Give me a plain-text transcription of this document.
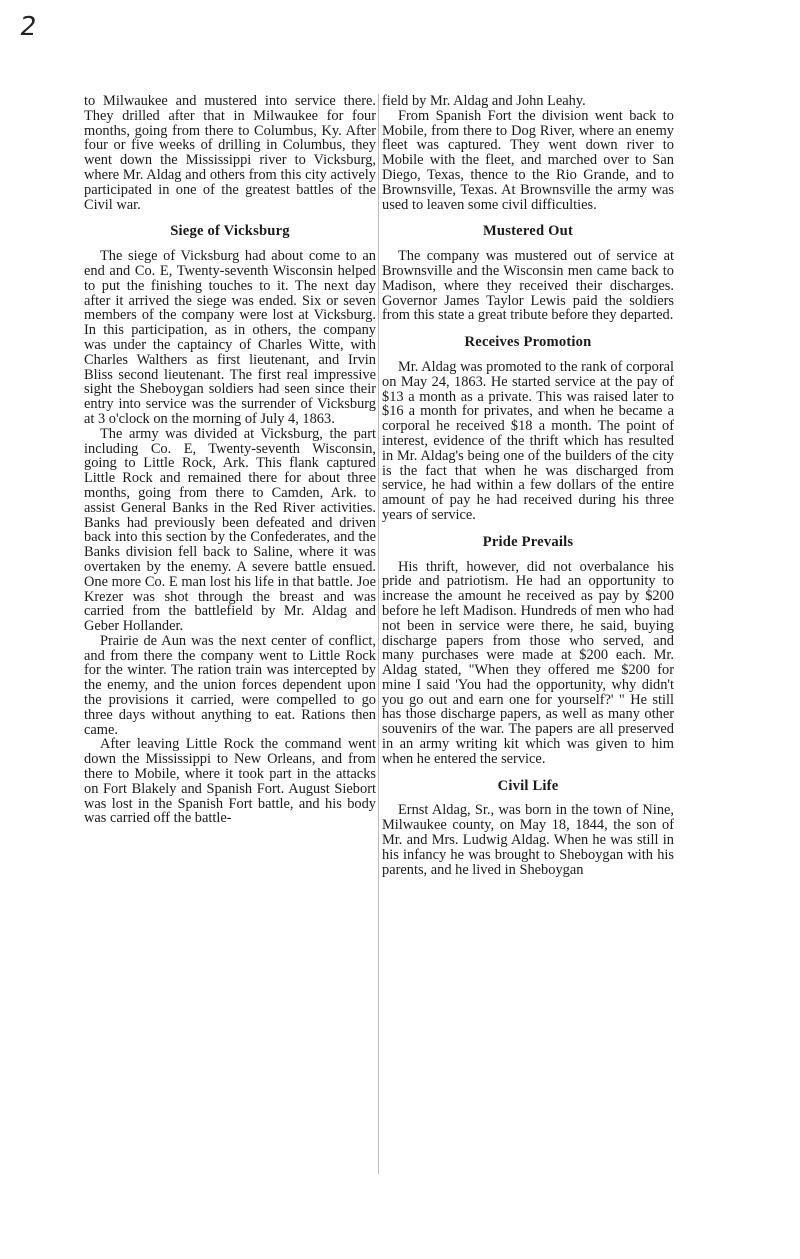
2

to Milwaukee and mustered into service there. They drilled after that in Milwaukee for four months, going from there to Columbus, Ky. After four or five weeks of drilling in Columbus, they went down the Mississippi river to Vicksburg, where Mr. Aldag and others from this city actively participated in one of the greatest battles of the Civil war.

Siege of Vicksburg

The siege of Vicksburg had about come to an end and Co. E, Twenty-seventh Wisconsin helped to put the finishing touches to it. The next day after it arrived the siege was ended. Six or seven members of the company were lost at Vicksburg. In this participation, as in others, the company was under the captaincy of Charles Witte, with Charles Walthers as first lieutenant, and Irvin Bliss second lieutenant. The first real impressive sight the Sheboygan soldiers had seen since their entry into service was the surrender of Vicksburg at 3 o'clock on the morning of July 4, 1863.

The army was divided at Vicksburg, the part including Co. E, Twenty-seventh Wisconsin, going to Little Rock, Ark. This flank captured Little Rock and remained there for about three months, going from there to Camden, Ark. to assist General Banks in the Red River activities. Banks had previously been defeated and driven back into this section by the Confederates, and the Banks division fell back to Saline, where it was overtaken by the enemy. A severe battle ensued. One more Co. E man lost his life in that battle. Joe Krezer was shot through the breast and was carried from the battlefield by Mr. Aldag and Geber Hollander.

Prairie de Aun was the next center of conflict, and from there the company went to Little Rock for the winter. The ration train was intercepted by the enemy, and the union forces dependent upon the provisions it carried, were compelled to go three days without anything to eat. Rations then came.

After leaving Little Rock the command went down the Mississippi to New Orleans, and from there to Mobile, where it took part in the attacks on Fort Blakely and Spanish Fort. August Siebort was lost in the Spanish Fort battle, and his body was carried off the battle-

field by Mr. Aldag and John Leahy.

From Spanish Fort the division went back to Mobile, from there to Dog River, where an enemy fleet was captured. They went down river to Mobile with the fleet, and marched over to San Diego, Texas, thence to the Rio Grande, and to Brownsville, Texas. At Brownsville the army was used to leaven some civil difficulties.

Mustered Out

The company was mustered out of service at Brownsville and the Wisconsin men came back to Madison, where they received their discharges. Governor James Taylor Lewis paid the soldiers from this state a great tribute before they departed.

Receives Promotion

Mr. Aldag was promoted to the rank of corporal on May 24, 1863. He started service at the pay of $13 a month as a private. This was raised later to $16 a month for privates, and when he became a corporal he received $18 a month. The point of interest, evidence of the thrift which has resulted in Mr. Aldag's being one of the builders of the city is the fact that when he was discharged from service, he had within a few dollars of the entire amount of pay he had received during his three years of service.

Pride Prevails

His thrift, however, did not overbalance his pride and patriotism. He had an opportunity to increase the amount he received as pay by $200 before he left Madison. Hundreds of men who had not been in service were there, he said, buying discharge papers from those who served, and many purchases were made at $200 each. Mr. Aldag stated, "When they offered me $200 for mine I said 'You had the opportunity, why didn't you go out and earn one for yourself?' " He still has those discharge papers, as well as many other souvenirs of the war. The papers are all preserved in an army writing kit which was given to him when he entered the service.

Civil Life

Ernst Aldag, Sr., was born in the town of Nine, Milwaukee county, on May 18, 1844, the son of Mr. and Mrs. Ludwig Aldag. When he was still in his infancy he was brought to Sheboygan with his parents, and he lived in Sheboygan
